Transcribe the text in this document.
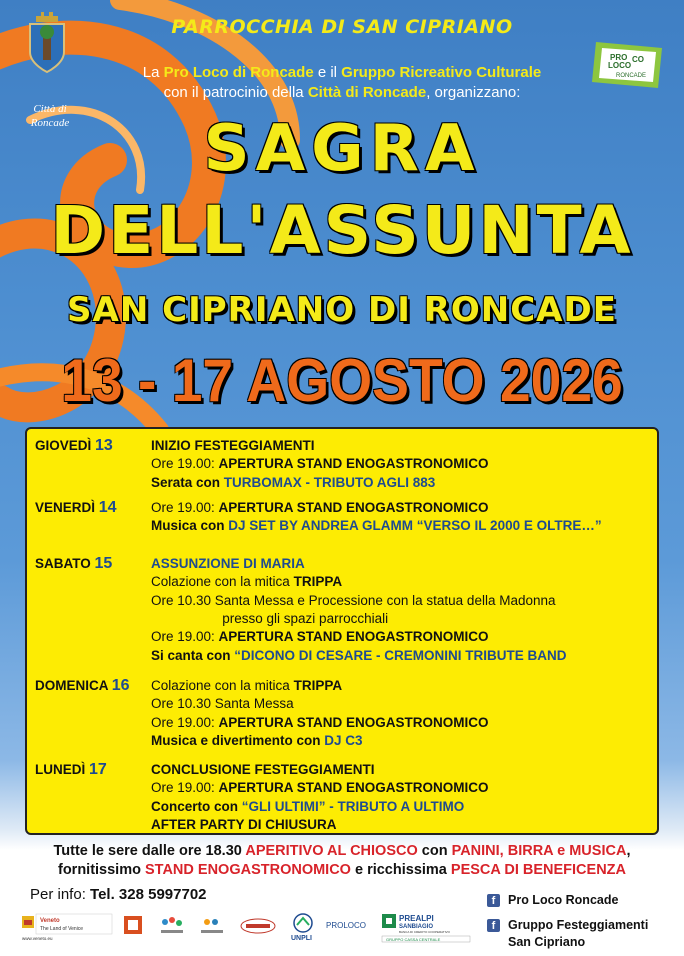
Città di
Roncade
PRO
LOCO
CO
RONCADE
PARROCCHIA DI SAN CIPRIANO
La Pro Loco di Roncade e il Gruppo Ricreativo Culturale
con il patrocinio della Città di Roncade, organizzano:
SAGRA
DELL'ASSUNTA
SAN CIPRIANO DI RONCADE
13 - 17 AGOSTO 2026
GIOVEDÌ 13	INIZIO FESTEGGIAMENTI
Ore 19.00: APERTURA STAND ENOGASTRONOMICO
Serata con TURBOMAX - TRIBUTO AGLI 883
VENERDÌ 14	Ore 19.00: APERTURA STAND ENOGASTRONOMICO
Musica con DJ SET BY ANDREA GLAMM “VERSO IL 2000 E OLTRE…”
SABATO 15	ASSUNZIONE DI MARIA
Colazione con la mitica TRIPPA
Ore 10.30 Santa Messa e Processione con la statua della Madonna
presso gli spazi parrocchiali
Ore 19.00: APERTURA STAND ENOGASTRONOMICO
Si canta con “DICONO DI CESARE - CREMONINI TRIBUTE BAND
DOMENICA 16 Colazione con la mitica TRIPPA
Ore 10.30 Santa Messa
Ore 19.00: APERTURA STAND ENOGASTRONOMICO
Musica e divertimento con DJ C3
LUNEDÌ 17	CONCLUSIONE FESTEGGIAMENTI
Ore 19.00: APERTURA STAND ENOGASTRONOMICO
Concerto con “GLI ULTIMI” - TRIBUTO A ULTIMO
AFTER PARTY DI CHIUSURA
Tutte le sere dalle ore 18.30 APERITIVO AL CHIOSCO con PANINI, BIRRA e MUSICA,
fornitissimo STAND ENOGASTRONOMICO e ricchissima PESCA DI BENEFICENZA
Per info: Tel. 328 5997702	f Pro Loco Roncade
f Gruppo Festeggiamenti
San Cipriano
Veneto
The Land of Venice
www.veneto.eu	UNPLI
PROLOCO
PREALPI
SANBIAGIO
BANCA DI CREDITO COOPERATIVO
GRUPPO CASSA CENTRALE
